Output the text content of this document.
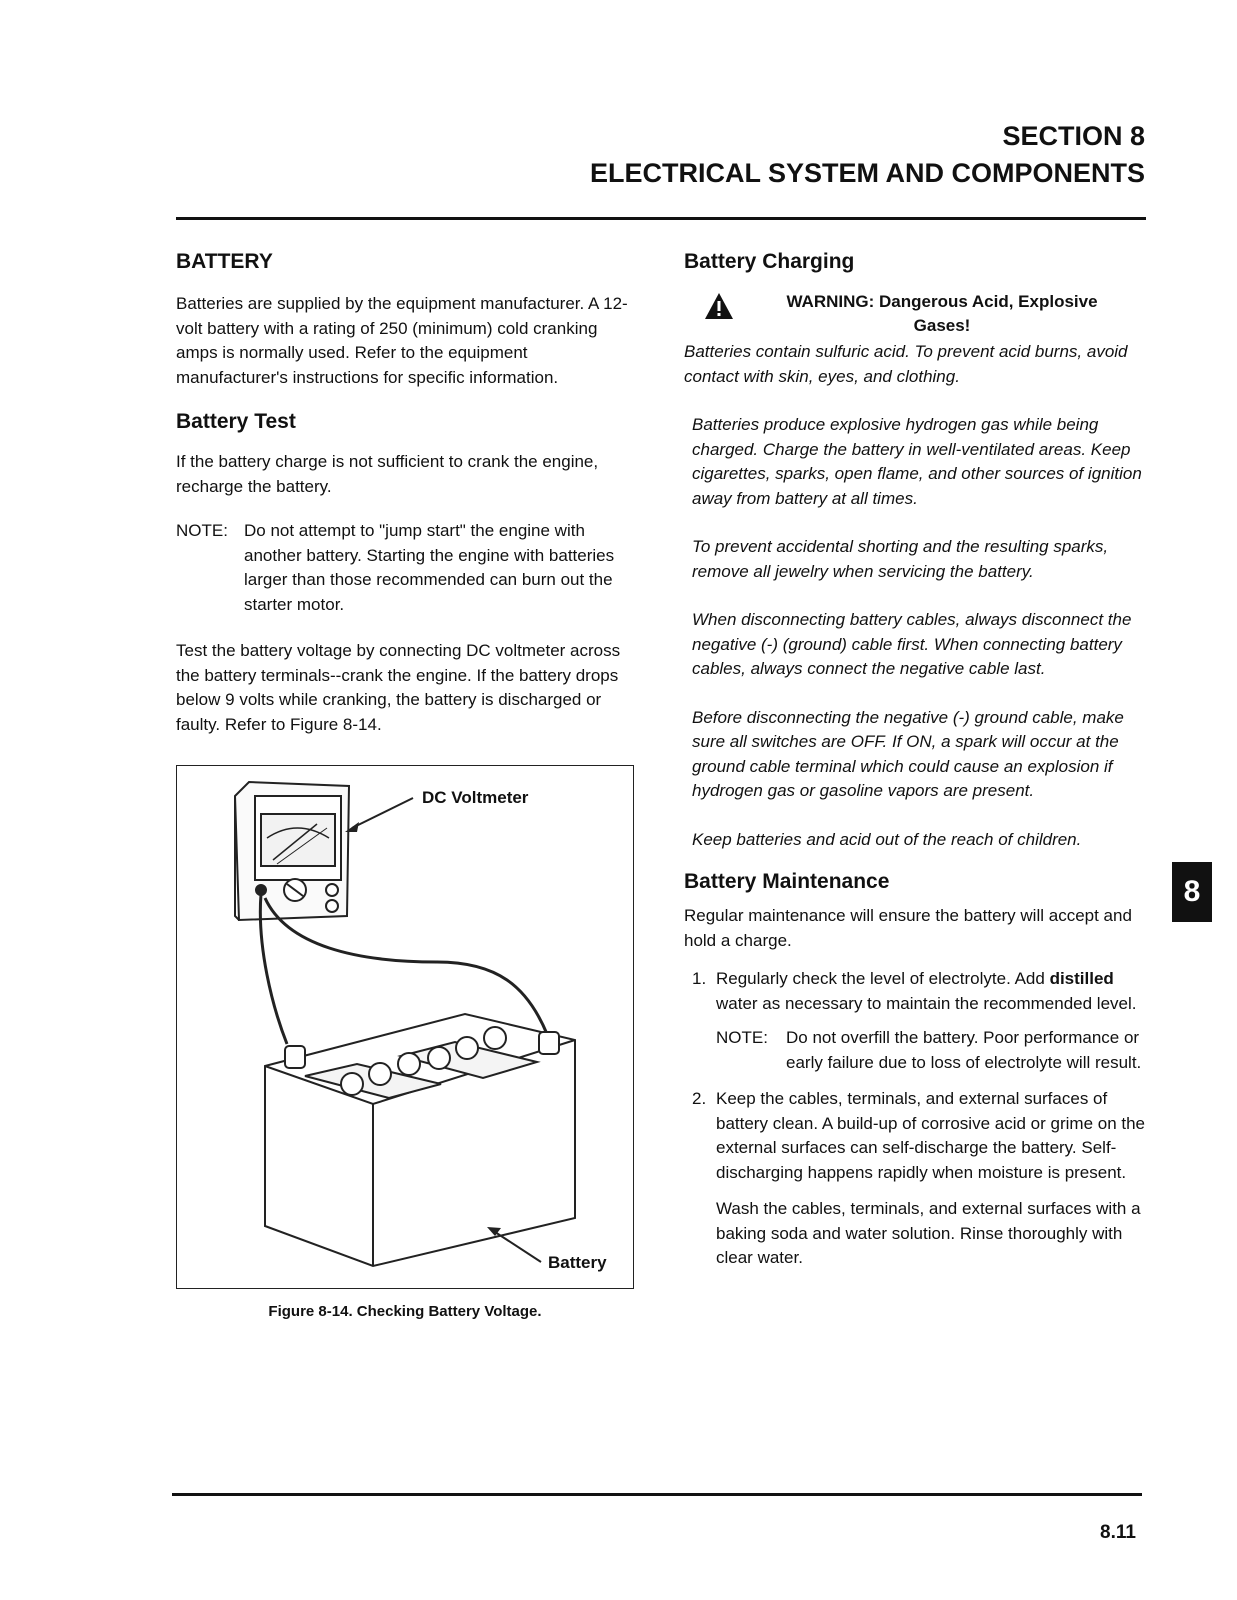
SECTION 8
ELECTRICAL SYSTEM AND COMPONENTS
BATTERY

Batteries are supplied by the equipment manufacturer. A 12-volt battery with a rating of 250 (minimum) cold cranking amps is normally used. Refer to the equipment manufacturer's instructions for specific information.

Battery Test

If the battery charge is not sufficient to crank the engine, recharge the battery.

NOTE: Do not attempt to "jump start" the engine with another battery. Starting the engine with batteries larger than those recommended can burn out the starter motor.

Test the battery voltage by connecting DC voltmeter across the battery terminals--crank the engine. If the battery drops below 9 volts while cranking, the battery is discharged or faulty. Refer to Figure 8-14.

DC Voltmeter
Battery
Figure 8-14. Checking Battery Voltage.
Battery Charging
WARNING: Dangerous Acid, Explosive Gases!

Batteries contain sulfuric acid. To prevent acid burns, avoid contact with skin, eyes, and clothing.

Batteries produce explosive hydrogen gas while being charged. Charge the battery in well-ventilated areas. Keep cigarettes, sparks, open flame, and other sources of ignition away from battery at all times.

To prevent accidental shorting and the resulting sparks, remove all jewelry when servicing the battery.

When disconnecting battery cables, always disconnect the negative (-) (ground) cable first. When connecting battery cables, always connect the negative cable last.

Before disconnecting the negative (-) ground cable, make sure all switches are OFF. If ON, a spark will occur at the ground cable terminal which could cause an explosion if hydrogen gas or gasoline vapors are present.

Keep batteries and acid out of the reach of children.

Battery Maintenance

Regular maintenance will ensure the battery will accept and hold a charge.

1. Regularly check the level of electrolyte. Add distilled water as necessary to maintain the recommended level.
NOTE:	Do not overfill the battery. Poor performance or early failure due to loss of electrolyte will result.
2. Keep the cables, terminals, and external surfaces of battery clean. A build-up of corrosive acid or grime on the external surfaces can self-discharge the battery. Self-discharging happens rapidly when moisture is present.

Wash the cables, terminals, and external surfaces with a baking soda and water solution. Rinse thoroughly with clear water.

8
8.11
